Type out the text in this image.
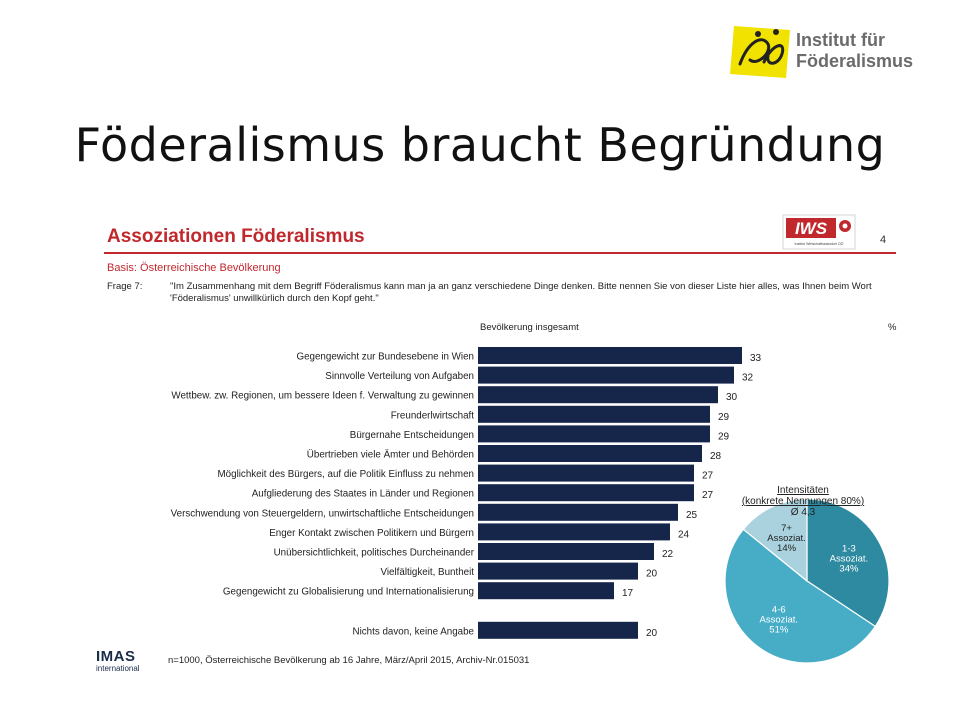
Institut für
Föderalismus
Föderalismus braucht Begründung
Gegengewicht zur Bundesebene in Wien	33
Sinnvolle Verteilung von Aufgaben	32
Wettbew. zw. Regionen, um bessere Ideen f. Verwaltung zu gewinnen	30
Freunderlwirtschaft	29
Bürgernahe Entscheidungen	29
Übertrieben viele Ämter und Behörden	28
Möglichkeit des Bürgers, auf die Politik Einfluss zu nehmen	27
Aufgliederung des Staates in Länder und Regionen	27
Verschwendung von Steuergeldern, unwirtschaftliche Entscheidungen	25
Enger Kontakt zwischen Politikern und Bürgern	24
Unübersichtlichkeit, politisches Durcheinander	22
Vielfältigkeit, Buntheit	20
Gegengewicht zu Globalisierung und Internationalisierung	17
Nichts davon, keine Angabe	20
1-3
Assoziat.
34%
4-6
Assoziat.
51%
7+
Assoziat.
14%
Assoziationen Föderalismus	IWS
Institut Wirtschaftsstandort OÖ	4
Basis: Österreichische Bevölkerung
Frage 7:	"Im Zusammenhang mit dem Begriff Föderalismus kann man ja an ganz verschiedene Dinge denken. Bitte nennen Sie von dieser Liste hier alles, was Ihnen beim Wort 'Föderalismus' unwillkürlich durch den Kopf geht."
Bevölkerung insgesamt	%
Intensitäten
(konkrete Nennungen 80%)
Ø 4,3
IMAS
international
n=1000, Österreichische Bevölkerung ab 16 Jahre, März/April 2015, Archiv-Nr.015031
